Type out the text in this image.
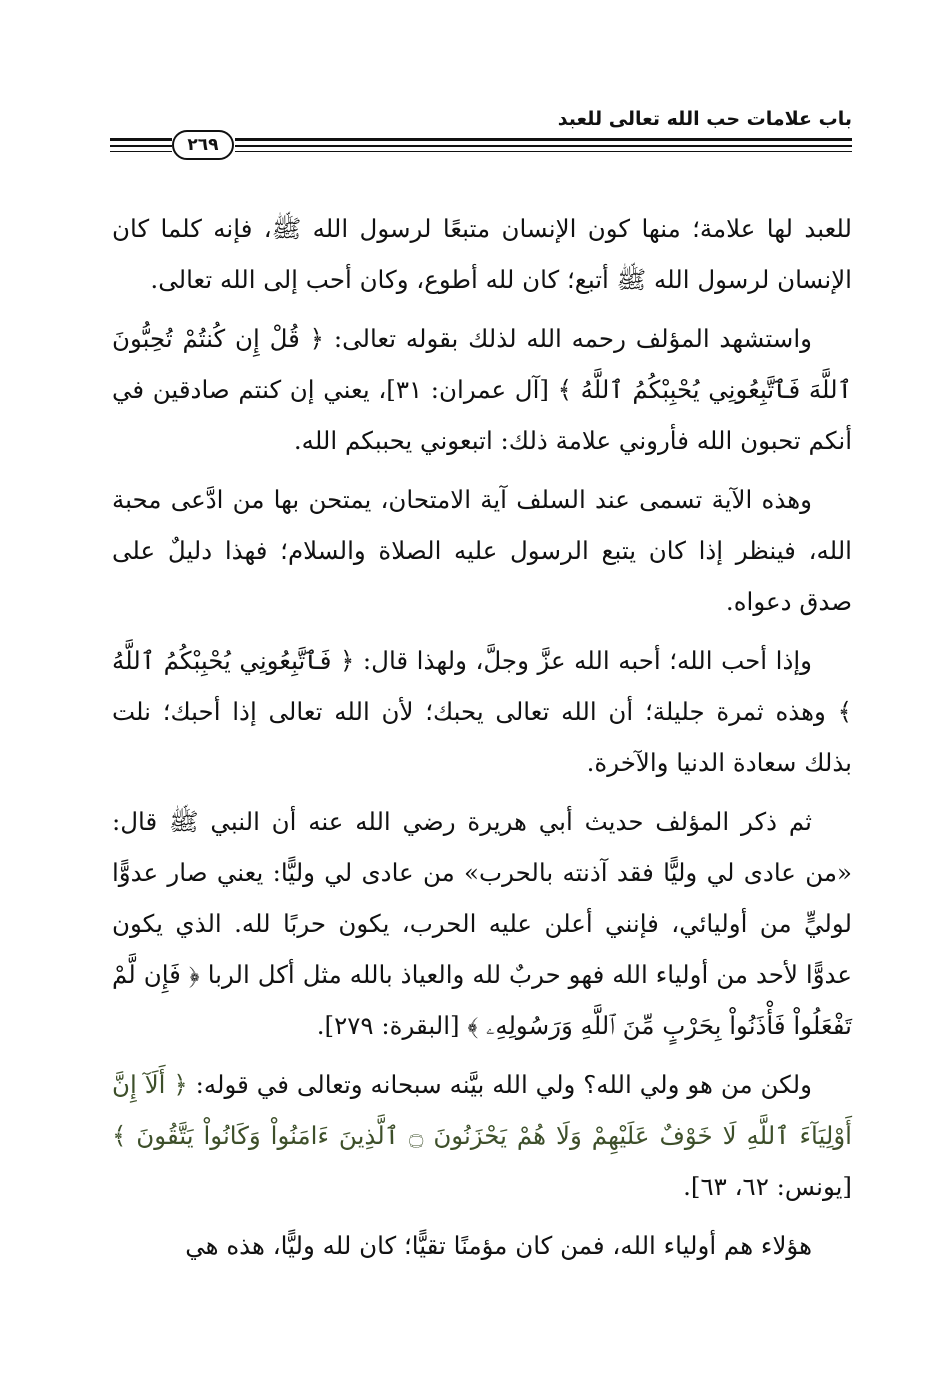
باب علامات حب الله تعالى للعبد
٢٦٩

للعبد لها علامة؛ منها كون الإنسان متبعًا لرسول الله ﷺ، فإنه كلما كان الإنسان لرسول الله ﷺ أتبع؛ كان لله أطوع، وكان أحب إلى الله تعالى.

واستشهد المؤلف رحمه الله لذلك بقوله تعالى: ﴿ قُلْ إِن كُنتُمْ تُحِبُّونَ ٱللَّهَ فَٱتَّبِعُونِي يُحْبِبْكُمُ ٱللَّهُ ﴾ [آل عمران: ٣١]، يعني إن كنتم صادقين في أنكم تحبون الله فأروني علامة ذلك: اتبعوني يحببكم الله.

وهذه الآية تسمى عند السلف آية الامتحان، يمتحن بها من ادَّعى محبة الله، فينظر إذا كان يتبع الرسول عليه الصلاة والسلام؛ فهذا دليلٌ على صدق دعواه.

وإذا أحب الله؛ أحبه الله عزَّ وجلَّ، ولهذا قال: ﴿ فَٱتَّبِعُونِي يُحْبِبْكُمُ ٱللَّهُ ﴾ وهذه ثمرة جليلة؛ أن الله تعالى يحبك؛ لأن الله تعالى إذا أحبك؛ نلت بذلك سعادة الدنيا والآخرة.

ثم ذكر المؤلف حديث أبي هريرة رضي الله عنه أن النبي ﷺ قال: «من عادى لي وليًّا فقد آذنته بالحرب» من عادى لي وليًّا: يعني صار عدوًّا لوليٍّ من أوليائي، فإنني أعلن عليه الحرب، يكون حربًا لله. الذي يكون عدوًّا لأحد من أولياء الله فهو حربٌ لله والعياذ بالله مثل أكل الربا ﴿ فَإِن لَّمْ تَفْعَلُواْ فَأْذَنُواْ بِحَرْبٍ مِّنَ ٱللَّهِ وَرَسُولِهِۦ ﴾ [البقرة: ٢٧٩].

ولكن من هو ولي الله؟ ولي الله بيَّنه سبحانه وتعالى في قوله: ﴿ أَلَآ إِنَّ أَوْلِيَآءَ ٱللَّهِ لَا خَوْفٌ عَلَيْهِمْ وَلَا هُمْ يَحْزَنُونَ ۝ ٱلَّذِينَ ءَامَنُواْ وَكَانُواْ يَتَّقُونَ ﴾ [يونس: ٦٢، ٦٣].

هؤلاء هم أولياء الله، فمن كان مؤمنًا تقيًّا؛ كان لله وليًّا، هذه هي
